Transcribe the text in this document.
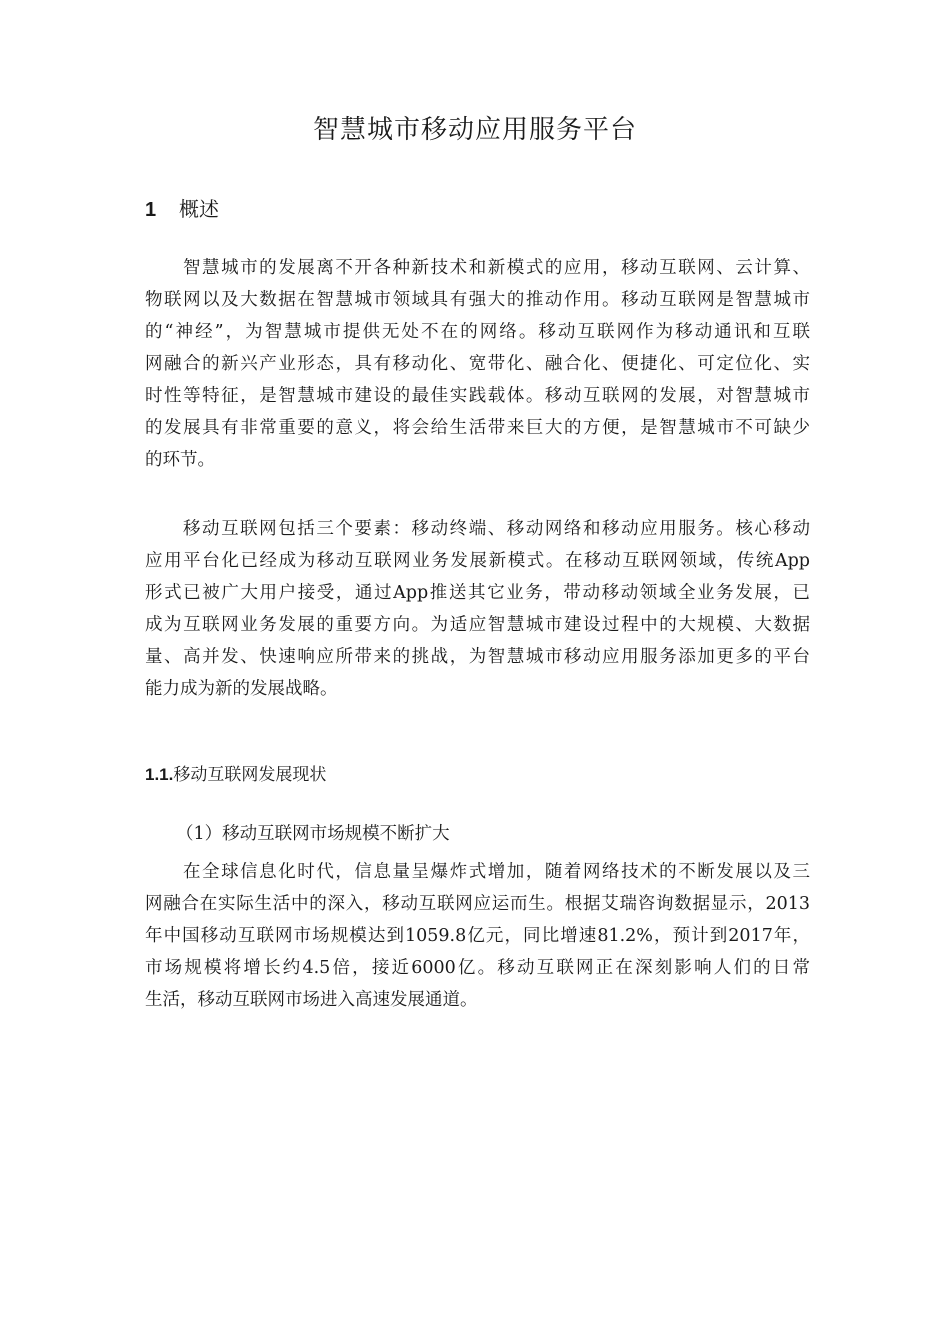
智慧城市移动应用服务平台
1 概述
智慧城市的发展离不开各种新技术和新模式的应用，移动互联网、云计算、
物联网以及大数据在智慧城市领域具有强大的推动作用。移动互联网是智慧城市
的“神经”，为智慧城市提供无处不在的网络。移动互联网作为移动通讯和互联
网融合的新兴产业形态，具有移动化、宽带化、融合化、便捷化、可定位化、实
时性等特征，是智慧城市建设的最佳实践载体。移动互联网的发展，对智慧城市
的发展具有非常重要的意义，将会给生活带来巨大的方便，是智慧城市不可缺少
的环节。
移动互联网包括三个要素：移动终端、移动网络和移动应用服务。核心移动
应用平台化已经成为移动互联网业务发展新模式。在移动互联网领域，传统App
形式已被广大用户接受，通过App推送其它业务，带动移动领域全业务发展，已
成为互联网业务发展的重要方向。为适应智慧城市建设过程中的大规模、大数据
量、高并发、快速响应所带来的挑战，为智慧城市移动应用服务添加更多的平台
能力成为新的发展战略。
1.1.移动互联网发展现状

（1）移动互联网市场规模不断扩大

在全球信息化时代，信息量呈爆炸式增加，随着网络技术的不断发展以及三
网融合在实际生活中的深入，移动互联网应运而生。根据艾瑞咨询数据显示，2013
年中国移动互联网市场规模达到1059.8亿元，同比增速81.2%，预计到2017年，
市场规模将增长约4.5倍，接近6000亿。移动互联网正在深刻影响人们的日常
生活，移动互联网市场进入高速发展通道。
